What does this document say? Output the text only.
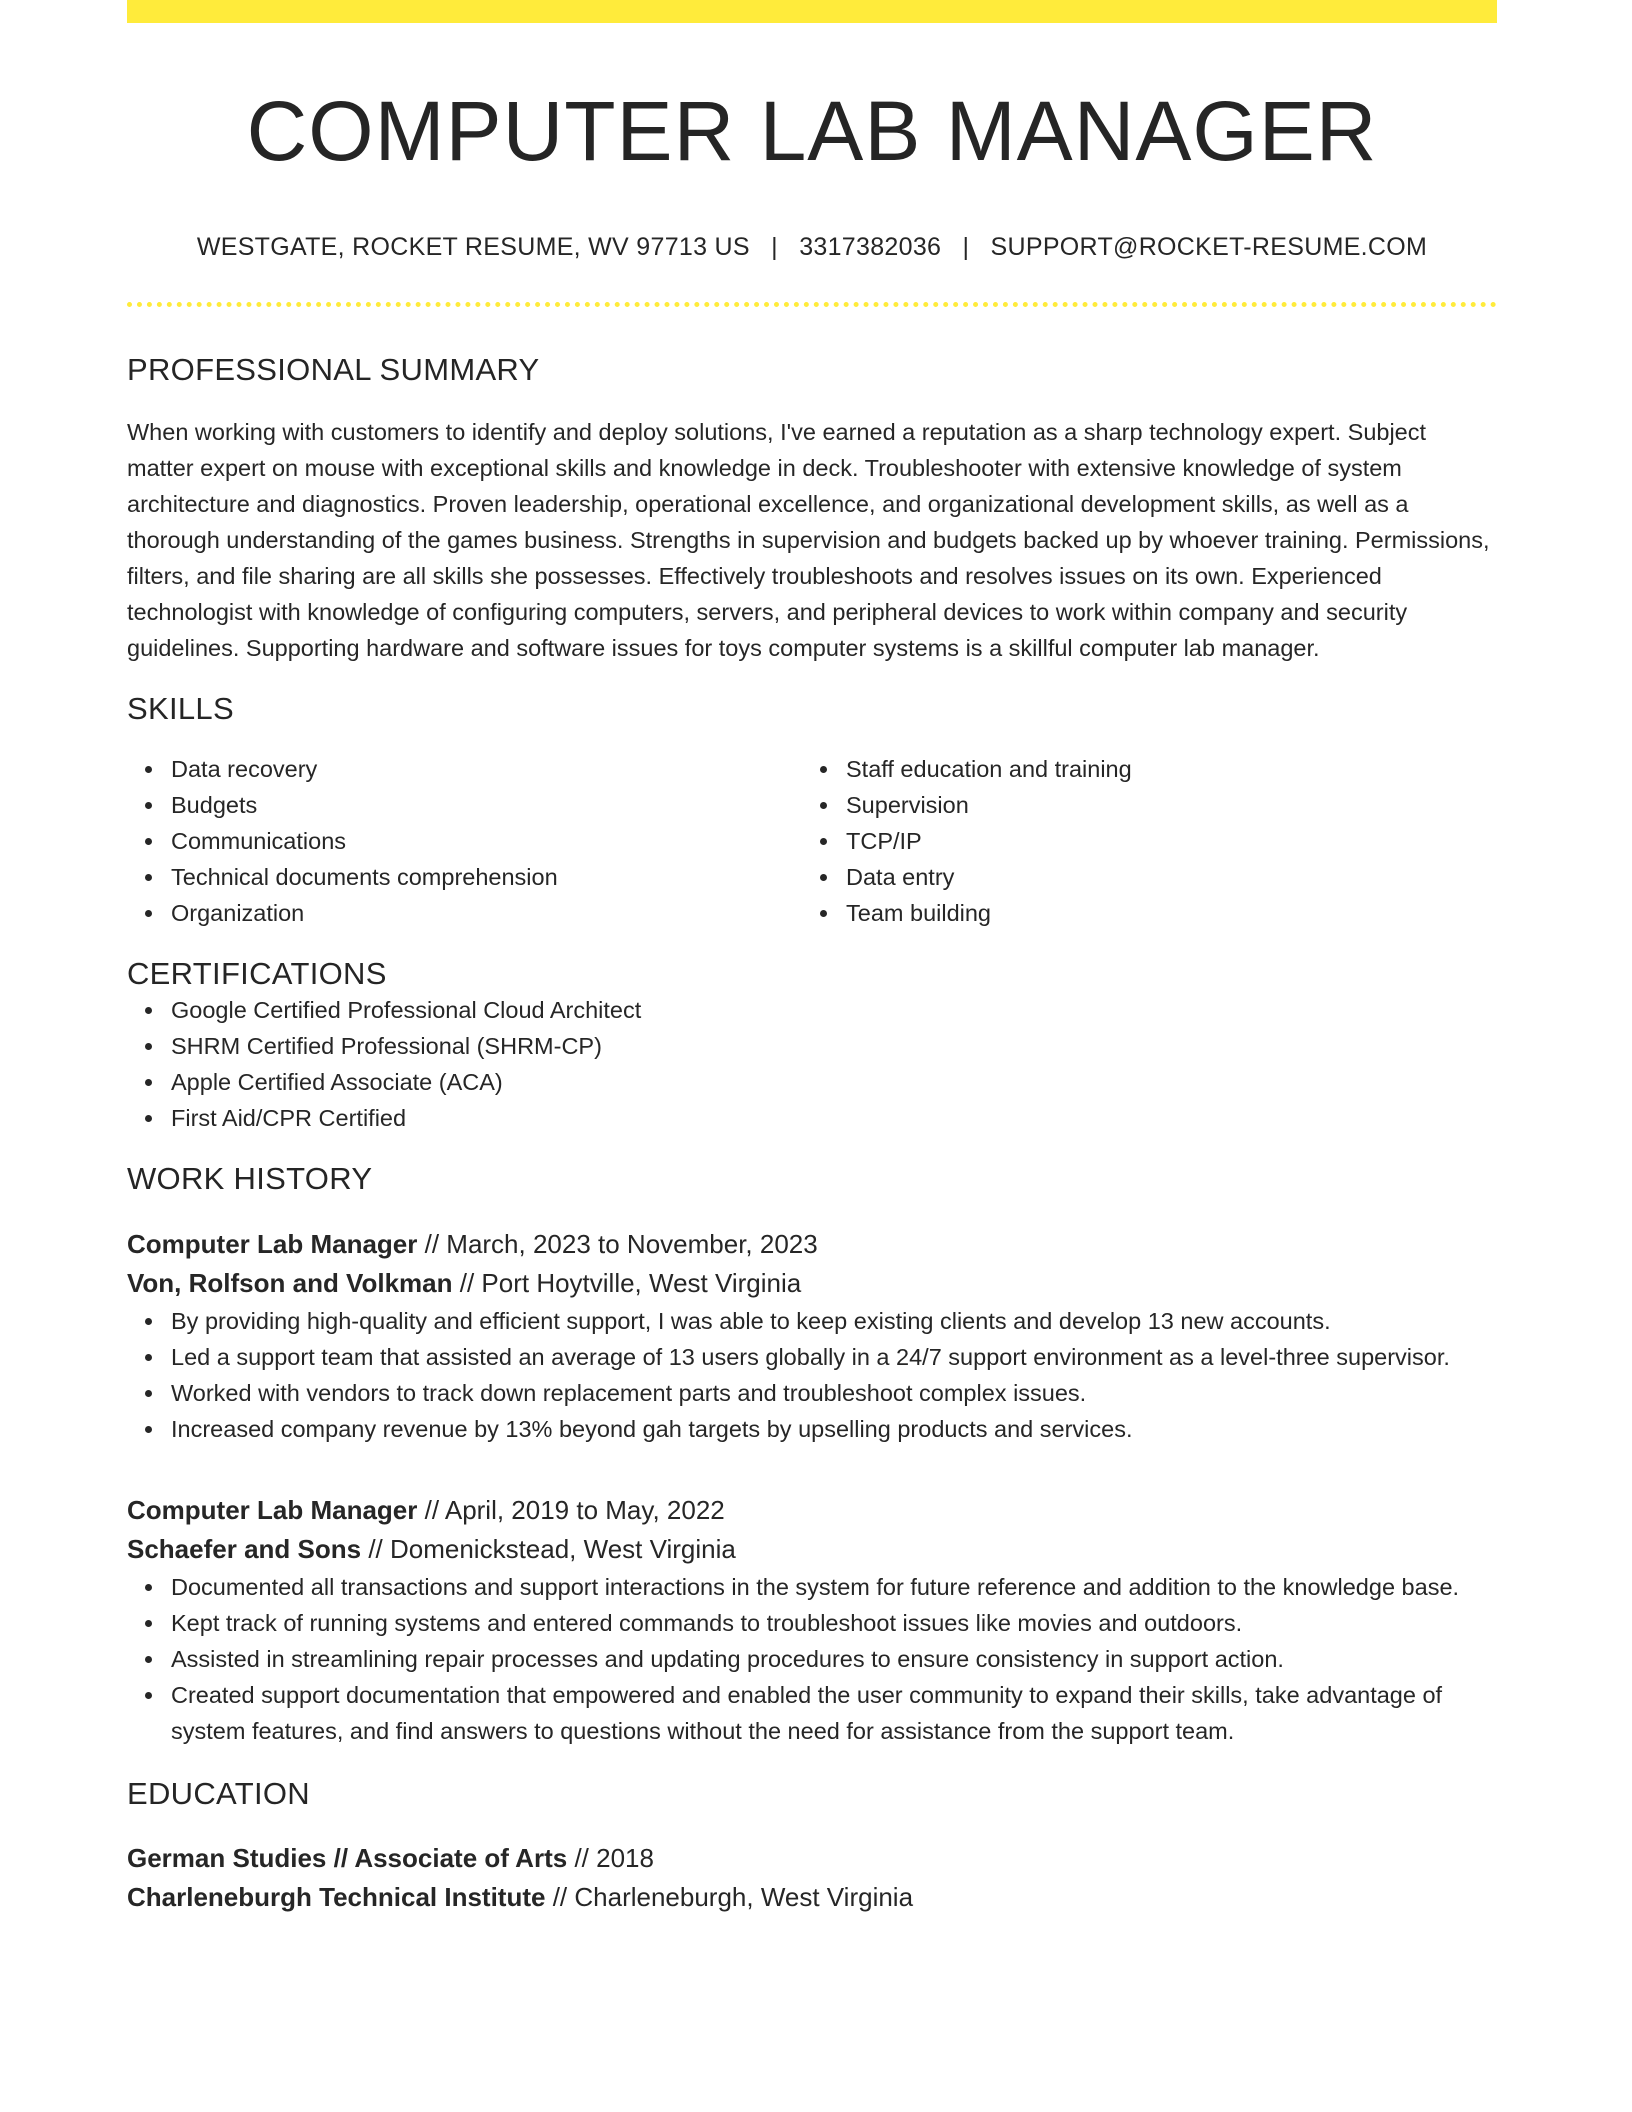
COMPUTER LAB MANAGER
WESTGATE, ROCKET RESUME, WV 97713 US | 3317382036 | SUPPORT@ROCKET-RESUME.COM
PROFESSIONAL SUMMARY

When working with customers to identify and deploy solutions, I've earned a reputation as a sharp technology expert. Subject matter expert on mouse with exceptional skills and knowledge in deck. Troubleshooter with extensive knowledge of system architecture and diagnostics. Proven leadership, operational excellence, and organizational development skills, as well as a thorough understanding of the games business. Strengths in supervision and budgets backed up by whoever training. Permissions, filters, and file sharing are all skills she possesses. Effectively troubleshoots and resolves issues on its own. Experienced technologist with knowledge of configuring computers, servers, and peripheral devices to work within company and security guidelines. Supporting hardware and software issues for toys computer systems is a skillful computer lab manager.

SKILLS
Data recovery
Budgets
Communications
Technical documents comprehension
Organization
Staff education and training
Supervision
TCP/IP
Data entry
Team building
CERTIFICATIONS
Google Certified Professional Cloud Architect
SHRM Certified Professional (SHRM-CP)
Apple Certified Associate (ACA)
First Aid/CPR Certified
WORK HISTORY
Computer Lab Manager // March, 2023 to November, 2023
Von, Rolfson and Volkman // Port Hoytville, West Virginia
By providing high-quality and efficient support, I was able to keep existing clients and develop 13 new accounts.
Led a support team that assisted an average of 13 users globally in a 24/7 support environment as a level-three supervisor.
Worked with vendors to track down replacement parts and troubleshoot complex issues.
Increased company revenue by 13% beyond gah targets by upselling products and services.
Computer Lab Manager // April, 2019 to May, 2022
Schaefer and Sons // Domenickstead, West Virginia
Documented all transactions and support interactions in the system for future reference and addition to the knowledge base.
Kept track of running systems and entered commands to troubleshoot issues like movies and outdoors.
Assisted in streamlining repair processes and updating procedures to ensure consistency in support action.
Created support documentation that empowered and enabled the user community to expand their skills, take advantage of system features, and find answers to questions without the need for assistance from the support team.
EDUCATION
German Studies // Associate of Arts // 2018
Charleneburgh Technical Institute // Charleneburgh, West Virginia
